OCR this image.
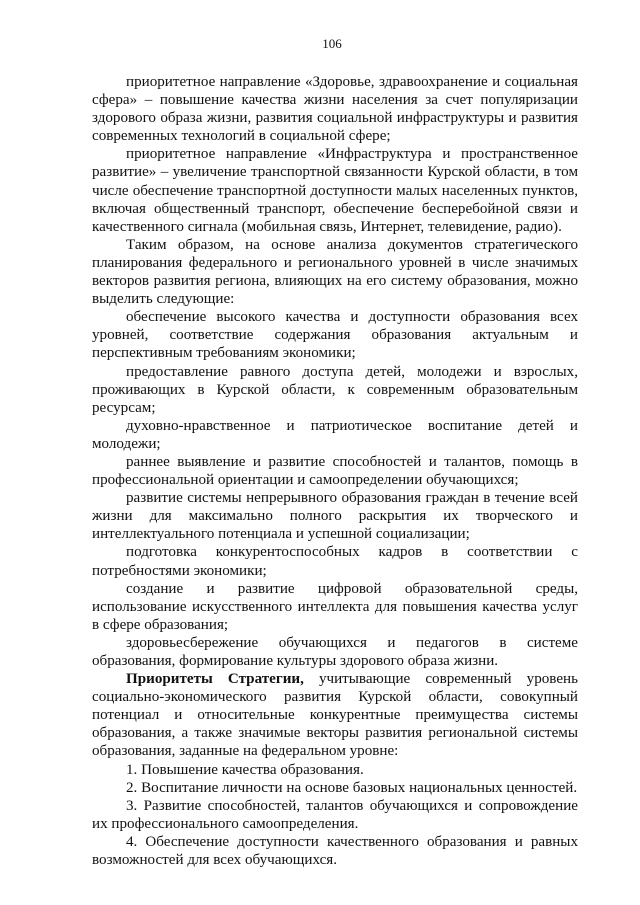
106

приоритетное направление «Здоровье, здравоохранение и социальная сфера» – повышение качества жизни населения за счет популяризации здорового образа жизни, развития социальной инфраструктуры и развития современных технологий в социальной сфере;

приоритетное направление «Инфраструктура и пространственное развитие» – увеличение транспортной связанности Курской области, в том числе обеспечение транспортной доступности малых населенных пунктов, включая общественный транспорт, обеспечение бесперебойной связи и качественного сигнала (мобильная связь, Интернет, телевидение, радио).

Таким образом, на основе анализа документов стратегического планирования федерального и регионального уровней в числе значимых векторов развития региона, влияющих на его систему образования, можно выделить следующие:

обеспечение высокого качества и доступности образования всех уровней, соответствие содержания образования актуальным и перспективным требованиям экономики;

предоставление равного доступа детей, молодежи и взрослых, проживающих в Курской области, к современным образовательным ресурсам;

духовно-нравственное и патриотическое воспитание детей и молодежи;

раннее выявление и развитие способностей и талантов, помощь в профессиональной ориентации и самоопределении обучающихся;

развитие системы непрерывного образования граждан в течение всей жизни для максимально полного раскрытия их творческого и интеллектуального потенциала и успешной социализации;

подготовка конкурентоспособных кадров в соответствии с потребностями экономики;

создание и развитие цифровой образовательной среды, использование искусственного интеллекта для повышения качества услуг в сфере образования;

здоровьесбережение обучающихся и педагогов в системе образования, формирование культуры здорового образа жизни.

Приоритеты Стратегии, учитывающие современный уровень социально-экономического развития Курской области, совокупный потенциал и относительные конкурентные преимущества системы образования, а также значимые векторы развития региональной системы образования, заданные на федеральном уровне:

1. Повышение качества образования.

2. Воспитание личности на основе базовых национальных ценностей.

3. Развитие способностей, талантов обучающихся и сопровождение их профессионального самоопределения.

4. Обеспечение доступности качественного образования и равных возможностей для всех обучающихся.
